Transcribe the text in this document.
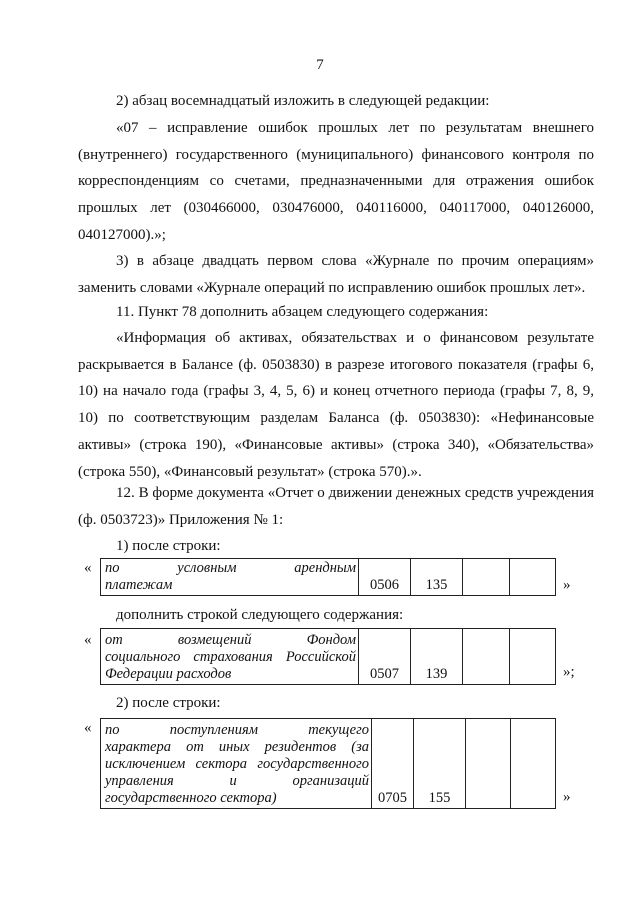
7

2) абзац восемнадцатый изложить в следующей редакции:

«07 – исправление ошибок прошлых лет по результатам внешнего (внутреннего) государственного (муниципального) финансового контроля по корреспонденциям со счетами, предназначенными для отражения ошибок прошлых лет (030466000, 030476000, 040116000, 040117000, 040126000, 040127000).»;

3) в абзаце двадцать первом слова «Журнале по прочим операциям» заменить словами «Журнале операций по исправлению ошибок прошлых лет».

11. Пункт 78 дополнить абзацем следующего содержания:

«Информация об активах, обязательствах и о финансовом результате раскрывается в Балансе (ф. 0503830) в разрезе итогового показателя (графы 6, 10) на начало года (графы 3, 4, 5, 6) и конец отчетного периода (графы 7, 8, 9, 10) по соответствующим разделам Баланса (ф. 0503830): «Нефинансовые активы» (строка 190), «Финансовые активы» (строка 340), «Обязательства» (строка 550), «Финансовый результат» (строка 570).».

12. В форме документа «Отчет о движении денежных средств учреждения (ф. 0503723)» Приложения № 1:

1) после строки:

« по условным арендным
платежам	0506	135			»

дополнить строкой следующего содержания:

« от возмещений Фондом
социального страхования Российской
Федерации расходов	0507	139			»;

2) после строки:

« по поступлениям текущего
характера от иных резидентов (за
исключением сектора государственного
управления и организаций
государственного сектора)	0705	155			»
